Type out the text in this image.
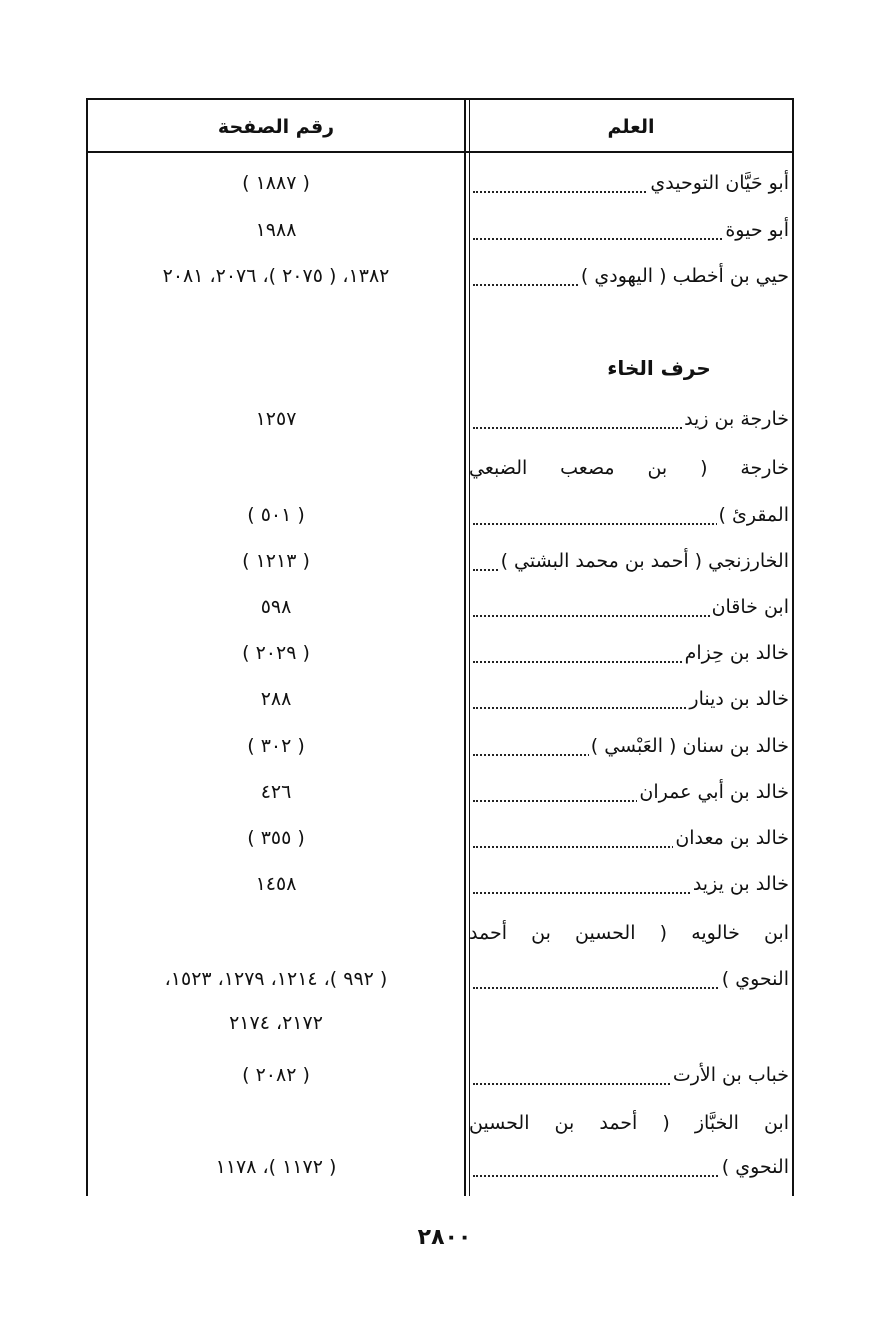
العلم
رقم الصفحة
أبو حَيَّان التوحيدي
( ١٨٨٧ )
أبو حيوة
١٩٨٨
حيي بن أخطب ( اليهودي )
١٣٨٢، ( ٢٠٧٥ )، ٢٠٧٦، ٢٠٨١
حرف الخاء
خارجة بن زيد
١٢٥٧
خارجة ( بن مصعب الضبعي
المقرئ )
( ٥٠١ )
الخارزنجي ( أحمد بن محمد البشتي )
( ١٢١٣ )
ابن خاقان
٥٩٨
خالد بن حِزام
( ٢٠٢٩ )
خالد بن دينار
٢٨٨
خالد بن سنان ( العَبْسي )
( ٣٠٢ )
خالد بن أبي عمران
٤٢٦
خالد بن معدان
( ٣٥٥ )
خالد بن يزيد
١٤٥٨
ابن خالويه ( الحسين بن أحمد
النحوي )
( ٩٩٢ )، ١٢١٤، ١٢٧٩، ١٥٢٣،
٢١٧٢، ٢١٧٤
خباب بن الأرت
( ٢٠٨٢ )
ابن الخبَّاز ( أحمد بن الحسين
النحوي )
( ١١٧٢ )، ١١٧٨
٢٨٠٠
